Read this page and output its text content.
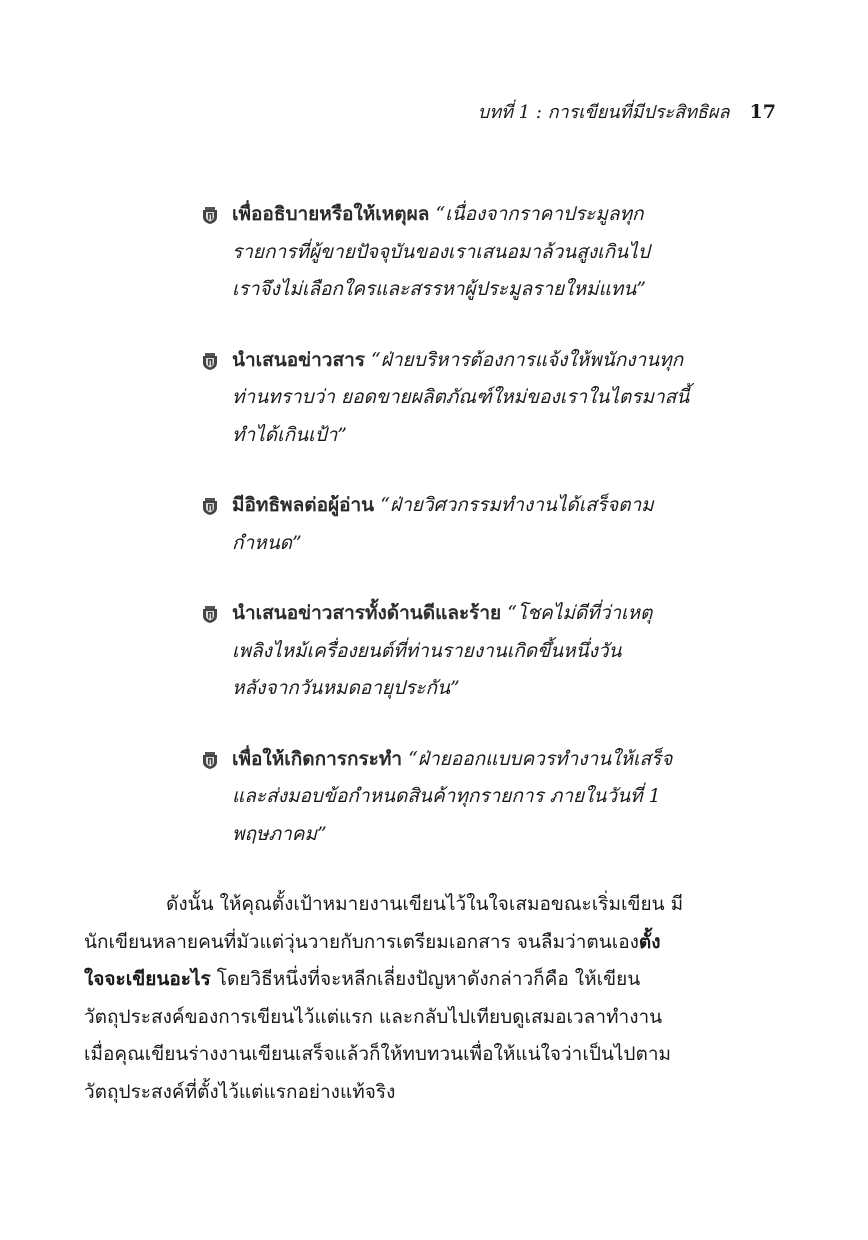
บทที่ 1 : การเขียนที่มีประสิทธิผล 17
เพื่ออธิบายหรือให้เหตุผล “เนื่องจากราคาประมูลทุก
รายการที่ผู้ขายปัจจุบันของเราเสนอมาล้วนสูงเกินไป
เราจึงไม่เลือกใครและสรรหาผู้ประมูลรายใหม่แทน”
นำเสนอข่าวสาร “ฝ่ายบริหารต้องการแจ้งให้พนักงานทุก
ท่านทราบว่า ยอดขายผลิตภัณฑ์ใหม่ของเราในไตรมาสนี้
ทำได้เกินเป้า”
มีอิทธิพลต่อผู้อ่าน “ฝ่ายวิศวกรรมทำงานได้เสร็จตาม
กำหนด”
นำเสนอข่าวสารทั้งด้านดีและร้าย “โชคไม่ดีที่ว่าเหตุ
เพลิงไหม้เครื่องยนต์ที่ท่านรายงานเกิดขึ้นหนึ่งวัน
หลังจากวันหมดอายุประกัน”
เพื่อให้เกิดการกระทำ “ฝ่ายออกแบบควรทำงานให้เสร็จ
และส่งมอบข้อกำหนดสินค้าทุกรายการ ภายในวันที่ 1
พฤษภาคม”
ดังนั้น ให้คุณตั้งเป้าหมายงานเขียนไว้ในใจเสมอขณะเริ่มเขียน มี
นักเขียนหลายคนที่มัวแต่วุ่นวายกับการเตรียมเอกสาร จนลืมว่าตนเองตั้ง
ใจจะเขียนอะไร โดยวิธีหนึ่งที่จะหลีกเลี่ยงปัญหาดังกล่าวก็คือ ให้เขียน
วัตถุประสงค์ของการเขียนไว้แต่แรก และกลับไปเทียบดูเสมอเวลาทำงาน
เมื่อคุณเขียนร่างงานเขียนเสร็จแล้วก็ให้ทบทวนเพื่อให้แน่ใจว่าเป็นไปตาม
วัตถุประสงค์ที่ตั้งไว้แต่แรกอย่างแท้จริง
